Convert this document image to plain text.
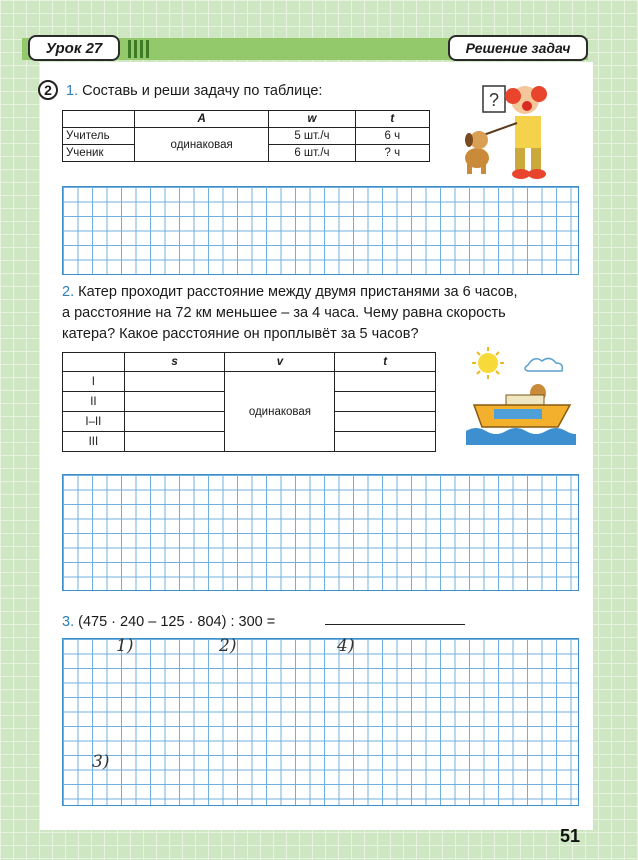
Урок 27	Решение задач
2 1. Составь и реши задачу по таблице:
	A	w	t
Учитель	одинаковая	5 шт./ч	6 ч
Ученик		6 шт./ч	? ч
?
2. Катер проходит расстояние между двумя пристанями за 6 часов,
а расстояние на 72 км меньшее – за 4 часа. Чему равна скорость
катера? Какое расстояние он проплывёт за 5 часов?
	s	v	t
I		одинаковая	
II			
I–II			
III			
3. (475 · 240 – 125 · 804) : 300 =
1)	2)	4)
3)
51
